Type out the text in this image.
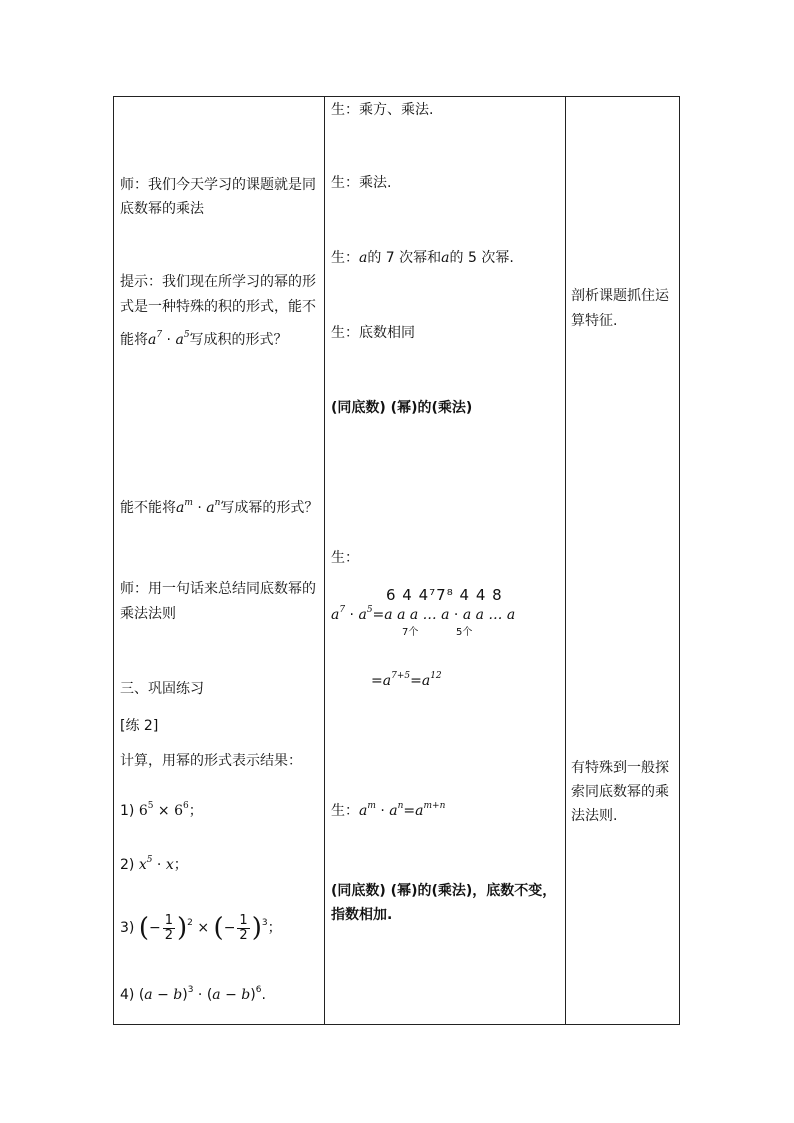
师：我们今天学习的课题就是同
底数幂的乘法
提示：我们现在所学习的幂的形
式是一种特殊的积的形式，能不
能将$a^7 \cdot a^5$写成积的形式？
能不能将$a^m \cdot a^n$写成幂的形式？
师：用一句话来总结同底数幂的
乘法法则
三、巩固练习
[练 2]
计算，用幂的形式表示结果：
1) $6^5 \times 6^6$；
2) $x^5 \cdot x$；
3) (− $\frac{1}{2} )^2$ × (− $\frac{1}{2} )^3$；
4) $(a - b)^3 \cdot (a - b)^6$.
生：乘方、乘法.
生：乘法.
生：a的 7 次幂和a的 5 次幂.
生：底数相同
(同底数) (幂)的(乘法)
生：
6 4 4⁷7⁸ 4 4 8
$a^7 \cdot a^5=a$ a a … a · a a … a
7个	5个
$=a^{7+5}=a^{12}$
生：$a^m \cdot a^n=a^{m+n}$
(同底数) (幂)的(乘法)，底数不变，
指数相加.
剖析课题抓住运
算特征.
有特殊到一般探
索同底数幂的乘
法法则.
